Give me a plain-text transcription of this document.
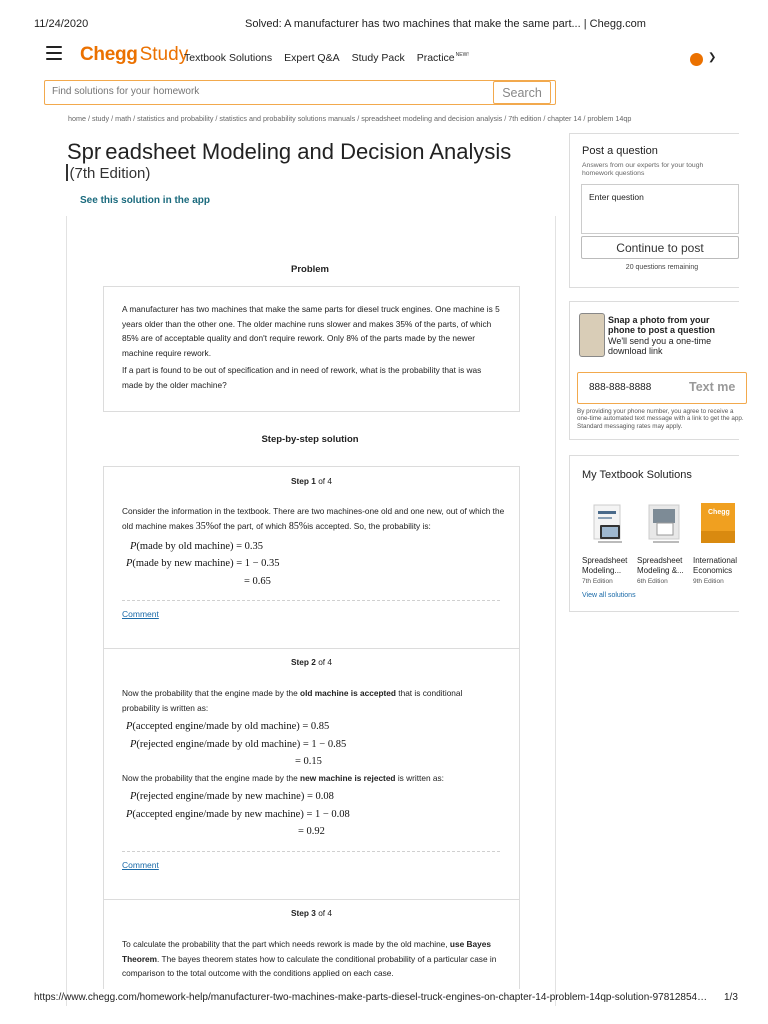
11/24/2020	Solved: A manufacturer has two machines that make the same part... | Chegg.com
Chegg Study
Textbook Solutions Expert Q&A Study Pack Practice$^{NEW!}$	❯
Find solutions for your homework
Search
home / study / math / statistics and probability / statistics and probability solutions manuals / spreadsheet modeling and decision analysis / 7th edition / chapter 14 / problem 14qp
Spr eadsheet Modeling and Decision Analysis
(7th Edition)
See this solution in the app
Problem
A manufacturer has two machines that make the same parts for diesel truck engines. One machine is 5 years older than the other one. The older machine runs slower and makes 35% of the parts, of which 85% are of acceptable quality and don't require rework. Only 8% of the parts made by the newer machine require rework.
If a part is found to be out of specification and in need of rework, what is the probability that is was made by the older machine?
Step-by-step solution
Step 1 of 4
Consider the information in the textbook. There are two machines-one old and one new, out of which the old machine makes 35%of the part, of which 85%is accepted. So, the probability is:
P(made by old machine) = 0.35
P(made by new machine) = 1 − 0.35
= 0.65
Comment
Step 2 of 4
Now the probability that the engine made by the old machine is accepted that is conditional probability is written as:
P(accepted engine/made by old machine) = 0.85
P(rejected engine/made by old machine) = 1 − 0.85
= 0.15
Now the probability that the engine made by the new machine is rejected is written as:
P(rejected engine/made by new machine) = 0.08
P(accepted engine/made by new machine) = 1 − 0.08
= 0.92
Comment
Step 3 of 4
To calculate the probability that the part which needs rework is made by the old machine, use Bayes Theorem. The bayes theorem states how to calculate the conditional probability of a particular case in comparison to the total outcome with the conditions applied on each case.
Post a question
Answers from our experts for your tough homework questions
Enter question
Continue to post
20 questions remaining
Snap a photo from your phone to post a question
We'll send you a one-time download link
888-888-8888	Text me
By providing your phone number, you agree to receive a one-time automated text message with a link to get the app. Standard messaging rates may apply.
My Textbook Solutions
Chegg
Spreadsheet
Modeling...
7th Edition
Spreadsheet
Modeling &...
6th Edition
International
Economics
9th Edition
View all solutions
https://www.chegg.com/homework-help/manufacturer-two-machines-make-parts-diesel-truck-engines-on-chapter-14-problem-14qp-solution-97812854… 1/3
